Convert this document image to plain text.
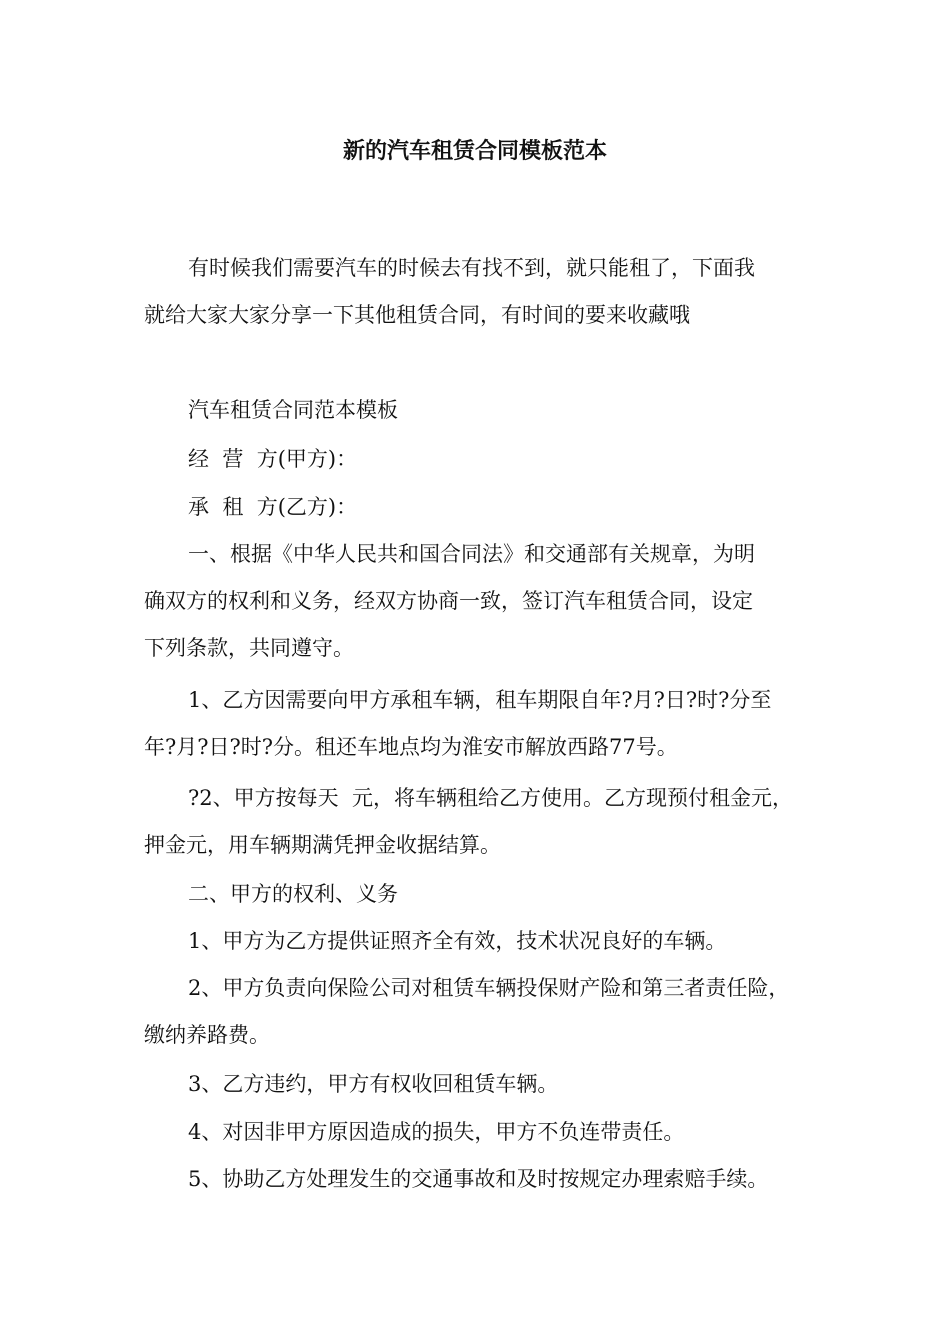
新的汽车租赁合同模板范本
有时候我们需要汽车的时候去有找不到，就只能租了，下面我
就给大家大家分享一下其他租赁合同，有时间的要来收藏哦
汽车租赁合同范本模板
经  营  方(甲方)：
承  租  方(乙方)：
一、根据《中华人民共和国合同法》和交通部有关规章，为明
确双方的权利和义务，经双方协商一致，签订汽车租赁合同，设定
下列条款，共同遵守。
1、乙方因需要向甲方承租车辆，租车期限自年?月?日?时?分至
年?月?日?时?分。租还车地点均为淮安市解放西路77号。
?2、甲方按每天  元，将车辆租给乙方使用。乙方现预付租金元，
押金元，用车辆期满凭押金收据结算。
二、甲方的权利、义务
1、甲方为乙方提供证照齐全有效，技术状况良好的车辆。
2、甲方负责向保险公司对租赁车辆投保财产险和第三者责任险，
缴纳养路费。
3、乙方违约，甲方有权收回租赁车辆。
4、对因非甲方原因造成的损失，甲方不负连带责任。
5、协助乙方处理发生的交通事故和及时按规定办理索赔手续。
